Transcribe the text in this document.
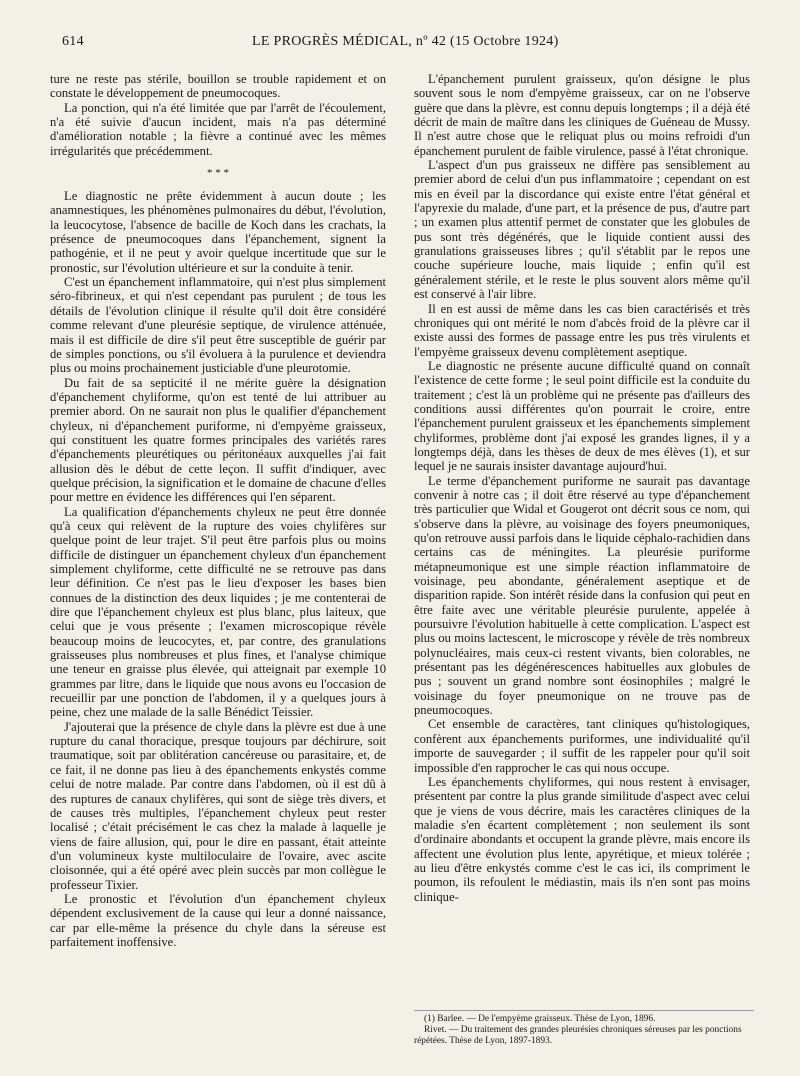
614	LE PROGRÈS MÉDICAL, nº 42 (15 Octobre 1924)

ture ne reste pas stérile, bouillon se trouble rapidement et on constate le développement de pneumocoques.

La ponction, qui n'a été limitée que par l'arrêt de l'écoulement, n'a été suivie d'aucun incident, mais n'a pas déterminé d'amélioration notable ; la fièvre a continué avec les mêmes irrégularités que précédemment.

* * *

Le diagnostic ne prête évidemment à aucun doute ; les anamnestiques, les phénomènes pulmonaires du début, l'évolution, la leucocytose, l'absence de bacille de Koch dans les crachats, la présence de pneumocoques dans l'épanchement, signent la pathogénie, et il ne peut y avoir quelque incertitude que sur le pronostic, sur l'évolution ultérieure et sur la conduite à tenir.

C'est un épanchement inflammatoire, qui n'est plus simplement séro-fibrineux, et qui n'est cependant pas purulent ; de tous les détails de l'évolution clinique il résulte qu'il doit être considéré comme relevant d'une pleurésie septique, de virulence atténuée, mais il est difficile de dire s'il peut être susceptible de guérir par de simples ponctions, ou s'il évoluera à la purulence et deviendra plus ou moins prochainement justiciable d'une pleurotomie.

Du fait de sa septicité il ne mérite guère la désignation d'épanchement chyliforme, qu'on est tenté de lui attribuer au premier abord. On ne saurait non plus le qualifier d'épanchement chyleux, ni d'épanchement puriforme, ni d'empyème graisseux, qui constituent les quatre formes principales des variétés rares d'épanchements pleurétiques ou péritonéaux auxquelles j'ai fait allusion dès le début de cette leçon. Il suffit d'indiquer, avec quelque précision, la signification et le domaine de chacune d'elles pour mettre en évidence les différences qui l'en séparent.

La qualification d'épanchements chyleux ne peut être donnée qu'à ceux qui relèvent de la rupture des voies chylifères sur quelque point de leur trajet. S'il peut être parfois plus ou moins difficile de distinguer un épanchement chyleux d'un épanchement simplement chyliforme, cette difficulté ne se retrouve pas dans leur définition. Ce n'est pas le lieu d'exposer les bases bien connues de la distinction des deux liquides ; je me contenterai de dire que l'épanchement chyleux est plus blanc, plus laiteux, que celui que je vous présente ; l'examen microscopique révèle beaucoup moins de leucocytes, et, par contre, des granulations graisseuses plus nombreuses et plus fines, et l'analyse chimique une teneur en graisse plus élevée, qui atteignait par exemple 10 grammes par litre, dans le liquide que nous avons eu l'occasion de recueillir par une ponction de l'abdomen, il y a quelques jours à peine, chez une malade de la salle Bénédict Teissier.

J'ajouterai que la présence de chyle dans la plèvre est due à une rupture du canal thoracique, presque toujours par déchirure, soit traumatique, soit par oblitération cancéreuse ou parasitaire, et, de ce fait, il ne donne pas lieu à des épanchements enkystés comme celui de notre malade. Par contre dans l'abdomen, où il est dû à des ruptures de canaux chylifères, qui sont de siège très divers, et de causes très multiples, l'épanchement chyleux peut rester localisé ; c'était précisément le cas chez la malade à laquelle je viens de faire allusion, qui, pour le dire en passant, était atteinte d'un volumineux kyste multiloculaire de l'ovaire, avec ascite cloisonnée, qui a été opéré avec plein succès par mon collègue le professeur Tixier.

Le pronostic et l'évolution d'un épanchement chyleux dépendent exclusivement de la cause qui leur a donné naissance, car par elle-même la présence du chyle dans la séreuse est parfaitement inoffensive.

L'épanchement purulent graisseux, qu'on désigne le plus souvent sous le nom d'empyème graisseux, car on ne l'observe guère que dans la plèvre, est connu depuis longtemps ; il a déjà été décrit de main de maître dans les cliniques de Guéneau de Mussy. Il n'est autre chose que le reliquat plus ou moins refroidi d'un épanchement purulent de faible virulence, passé à l'état chronique.

L'aspect d'un pus graisseux ne diffère pas sensiblement au premier abord de celui d'un pus inflammatoire ; cependant on est mis en éveil par la discordance qui existe entre l'état général et l'apyrexie du malade, d'une part, et la présence de pus, d'autre part ; un examen plus attentif permet de constater que les globules de pus sont très dégénérés, que le liquide contient aussi des granulations graisseuses libres ; qu'il s'établit par le repos une couche supérieure louche, mais liquide ; enfin qu'il est généralement stérile, et le reste le plus souvent alors même qu'il est conservé à l'air libre.

Il en est aussi de même dans les cas bien caractérisés et très chroniques qui ont mérité le nom d'abcès froid de la plèvre car il existe aussi des formes de passage entre les pus très virulents et l'empyème graisseux devenu complètement aseptique.

Le diagnostic ne présente aucune difficulté quand on connaît l'existence de cette forme ; le seul point difficile est la conduite du traitement ; c'est là un problème qui ne présente pas d'ailleurs des conditions aussi différentes qu'on pourrait le croire, entre l'épanchement purulent graisseux et les épanchements simplement chyliformes, problème dont j'ai exposé les grandes lignes, il y a longtemps déjà, dans les thèses de deux de mes élèves (1), et sur lequel je ne saurais insister davantage aujourd'hui.

Le terme d'épanchement puriforme ne saurait pas davantage convenir à notre cas ; il doit être réservé au type d'épanchement très particulier que Widal et Gougerot ont décrit sous ce nom, qui s'observe dans la plèvre, au voisinage des foyers pneumoniques, qu'on retrouve aussi parfois dans le liquide céphalo-rachidien dans certains cas de méningites. La pleurésie puriforme métapneumonique est une simple réaction inflammatoire de voisinage, peu abondante, généralement aseptique et de disparition rapide. Son intérêt réside dans la confusion qui peut en être faite avec une véritable pleurésie purulente, appelée à poursuivre l'évolution habituelle à cette complication. L'aspect est plus ou moins lactescent, le microscope y révèle de très nombreux polynucléaires, mais ceux-ci restent vivants, bien colorables, ne présentant pas les dégénérescences habituelles aux globules de pus ; souvent un grand nombre sont éosinophiles ; malgré le voisinage du foyer pneumonique on ne trouve pas de pneumocoques.

Cet ensemble de caractères, tant cliniques qu'histologiques, confèrent aux épanchements puriformes, une individualité qu'il importe de sauvegarder ; il suffit de les rappeler pour qu'il soit impossible d'en rapprocher le cas qui nous occupe.

Les épanchements chyliformes, qui nous restent à envisager, présentent par contre la plus grande similitude d'aspect avec celui que je viens de vous décrire, mais les caractères cliniques de la maladie s'en écartent complètement ; non seulement ils sont d'ordinaire abondants et occupent la grande plèvre, mais encore ils affectent une évolution plus lente, apyrétique, et mieux tolérée ; au lieu d'être enkystés comme c'est le cas ici, ils compriment le poumon, ils refoulent le médiastin, mais ils n'en sont pas moins clinique-

(1) Barlee. — De l'empyème graisseux. Thèse de Lyon, 1896.

Rivet. — Du traitement des grandes pleurésies chroniques séreuses par les ponctions répétées. Thèse de Lyon, 1897-1893.
